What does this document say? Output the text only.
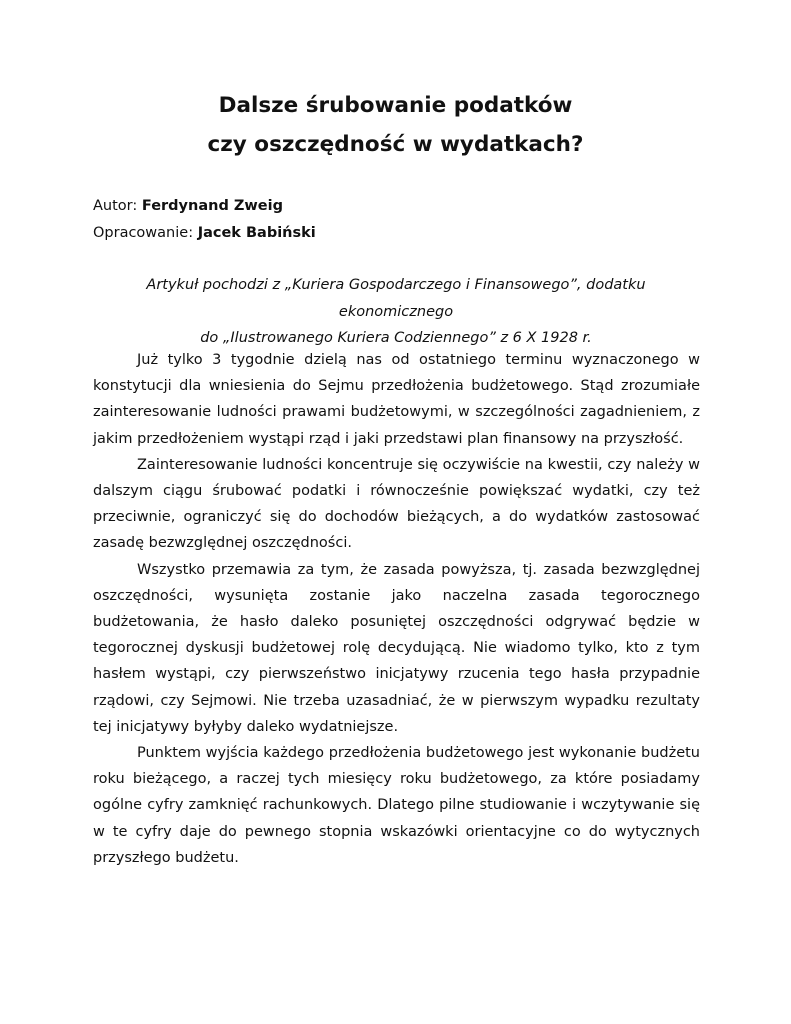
Dalsze śrubowanie podatków
czy oszczędność w wydatkach?
Autor: Ferdynand Zweig
Opracowanie: Jacek Babiński
Artykuł pochodzi z „Kuriera Gospodarczego i Finansowego”, dodatku ekonomicznego
do „Ilustrowanego Kuriera Codziennego” z 6 X 1928 r.

Już tylko 3 tygodnie dzielą nas od ostatniego terminu wyznaczonego w konstytucji dla wniesienia do Sejmu przedłożenia budżetowego. Stąd zrozumiałe zainteresowanie ludności prawami budżetowymi, w szczególności zagadnieniem, z jakim przedłożeniem wystąpi rząd i jaki przedstawi plan finansowy na przyszłość.

Zainteresowanie ludności koncentruje się oczywiście na kwestii, czy należy w dalszym ciągu śrubować podatki i równocześnie powiększać wydatki, czy też przeciwnie, ograniczyć się do dochodów bieżących, a do wydatków zastosować zasadę bezwzględnej oszczędności.

Wszystko przemawia za tym, że zasada powyższa, tj. zasada bezwzględnej oszczędności, wysunięta zostanie jako naczelna zasada tegorocznego budżetowania, że hasło daleko posuniętej oszczędności odgrywać będzie w tegorocznej dyskusji budżetowej rolę decydującą. Nie wiadomo tylko, kto z tym hasłem wystąpi, czy pierwszeństwo inicjatywy rzucenia tego hasła przypadnie rządowi, czy Sejmowi. Nie trzeba uzasadniać, że w pierwszym wypadku rezultaty tej inicjatywy byłyby daleko wydatniejsze.

Punktem wyjścia każdego przedłożenia budżetowego jest wykonanie budżetu roku bieżącego, a raczej tych miesięcy roku budżetowego, za które posiadamy ogólne cyfry zamknięć rachunkowych. Dlatego pilne studiowanie i wczytywanie się w te cyfry daje do pewnego stopnia wskazówki orientacyjne co do wytycznych przyszłego budżetu.
